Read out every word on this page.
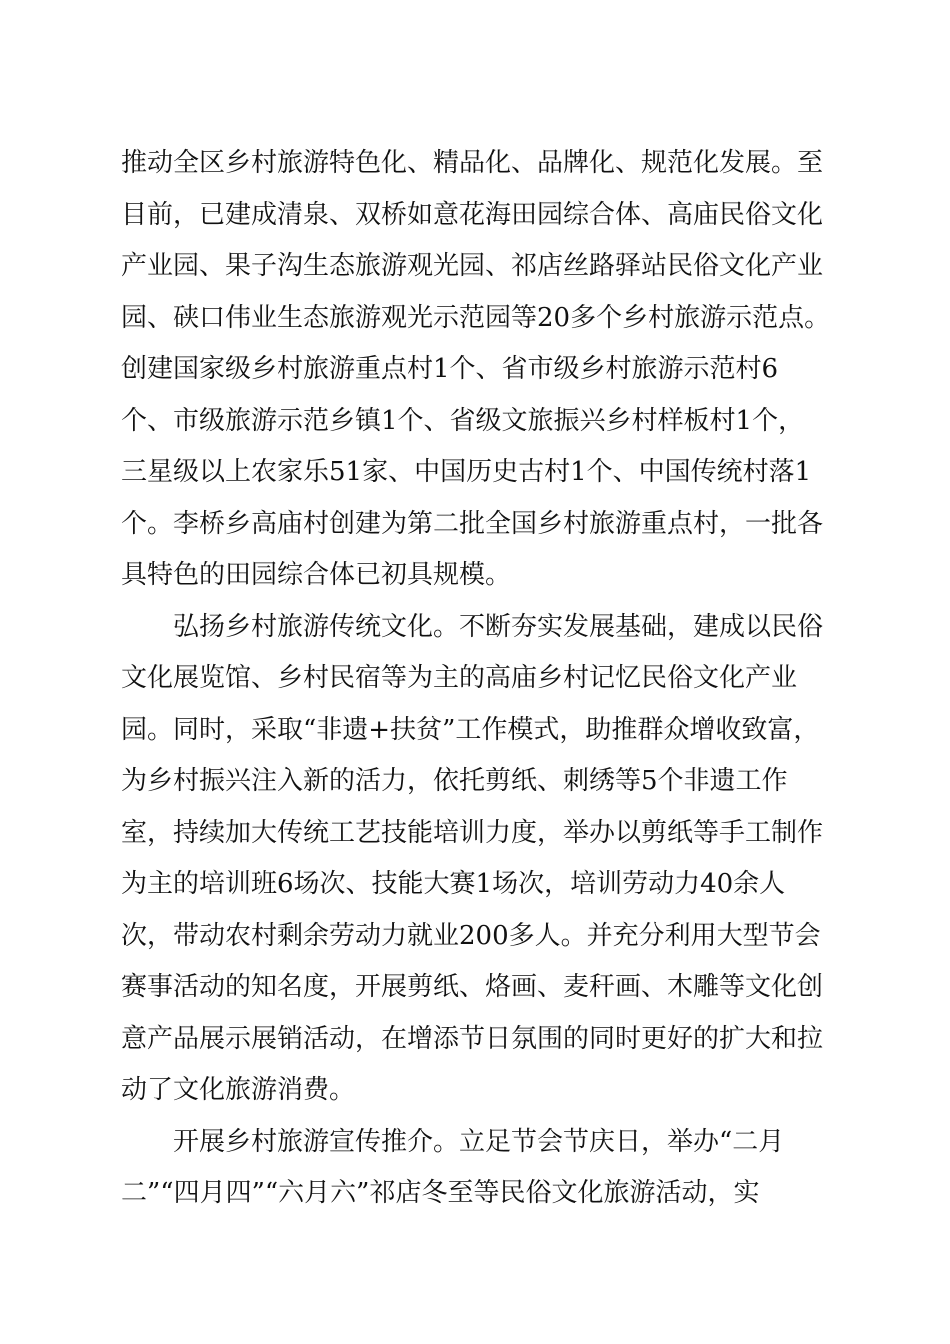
推动全区乡村旅游特色化、精品化、品牌化、规范化发展。至
目前，已建成清泉、双桥如意花海田园综合体、高庙民俗文化
产业园、果子沟生态旅游观光园、祁店丝路驿站民俗文化产业
园、硖口伟业生态旅游观光示范园等20多个乡村旅游示范点。
创建国家级乡村旅游重点村1个、省市级乡村旅游示范村6
个、市级旅游示范乡镇1个、省级文旅振兴乡村样板村1个，
三星级以上农家乐51家、中国历史古村1个、中国传统村落1
个。李桥乡高庙村创建为第二批全国乡村旅游重点村，一批各
具特色的田园综合体已初具规模。
弘扬乡村旅游传统文化。不断夯实发展基础，建成以民俗
文化展览馆、乡村民宿等为主的高庙乡村记忆民俗文化产业
园。同时，采取“非遗+扶贫”工作模式，助推群众增收致富，
为乡村振兴注入新的活力，依托剪纸、刺绣等5个非遗工作
室，持续加大传统工艺技能培训力度，举办以剪纸等手工制作
为主的培训班6场次、技能大赛1场次，培训劳动力40余人
次，带动农村剩余劳动力就业200多人。并充分利用大型节会
赛事活动的知名度，开展剪纸、烙画、麦秆画、木雕等文化创
意产品展示展销活动，在增添节日氛围的同时更好的扩大和拉
动了文化旅游消费。
开展乡村旅游宣传推介。立足节会节庆日，举办“二月
二”“四月四”“六月六”祁店冬至等民俗文化旅游活动，实
